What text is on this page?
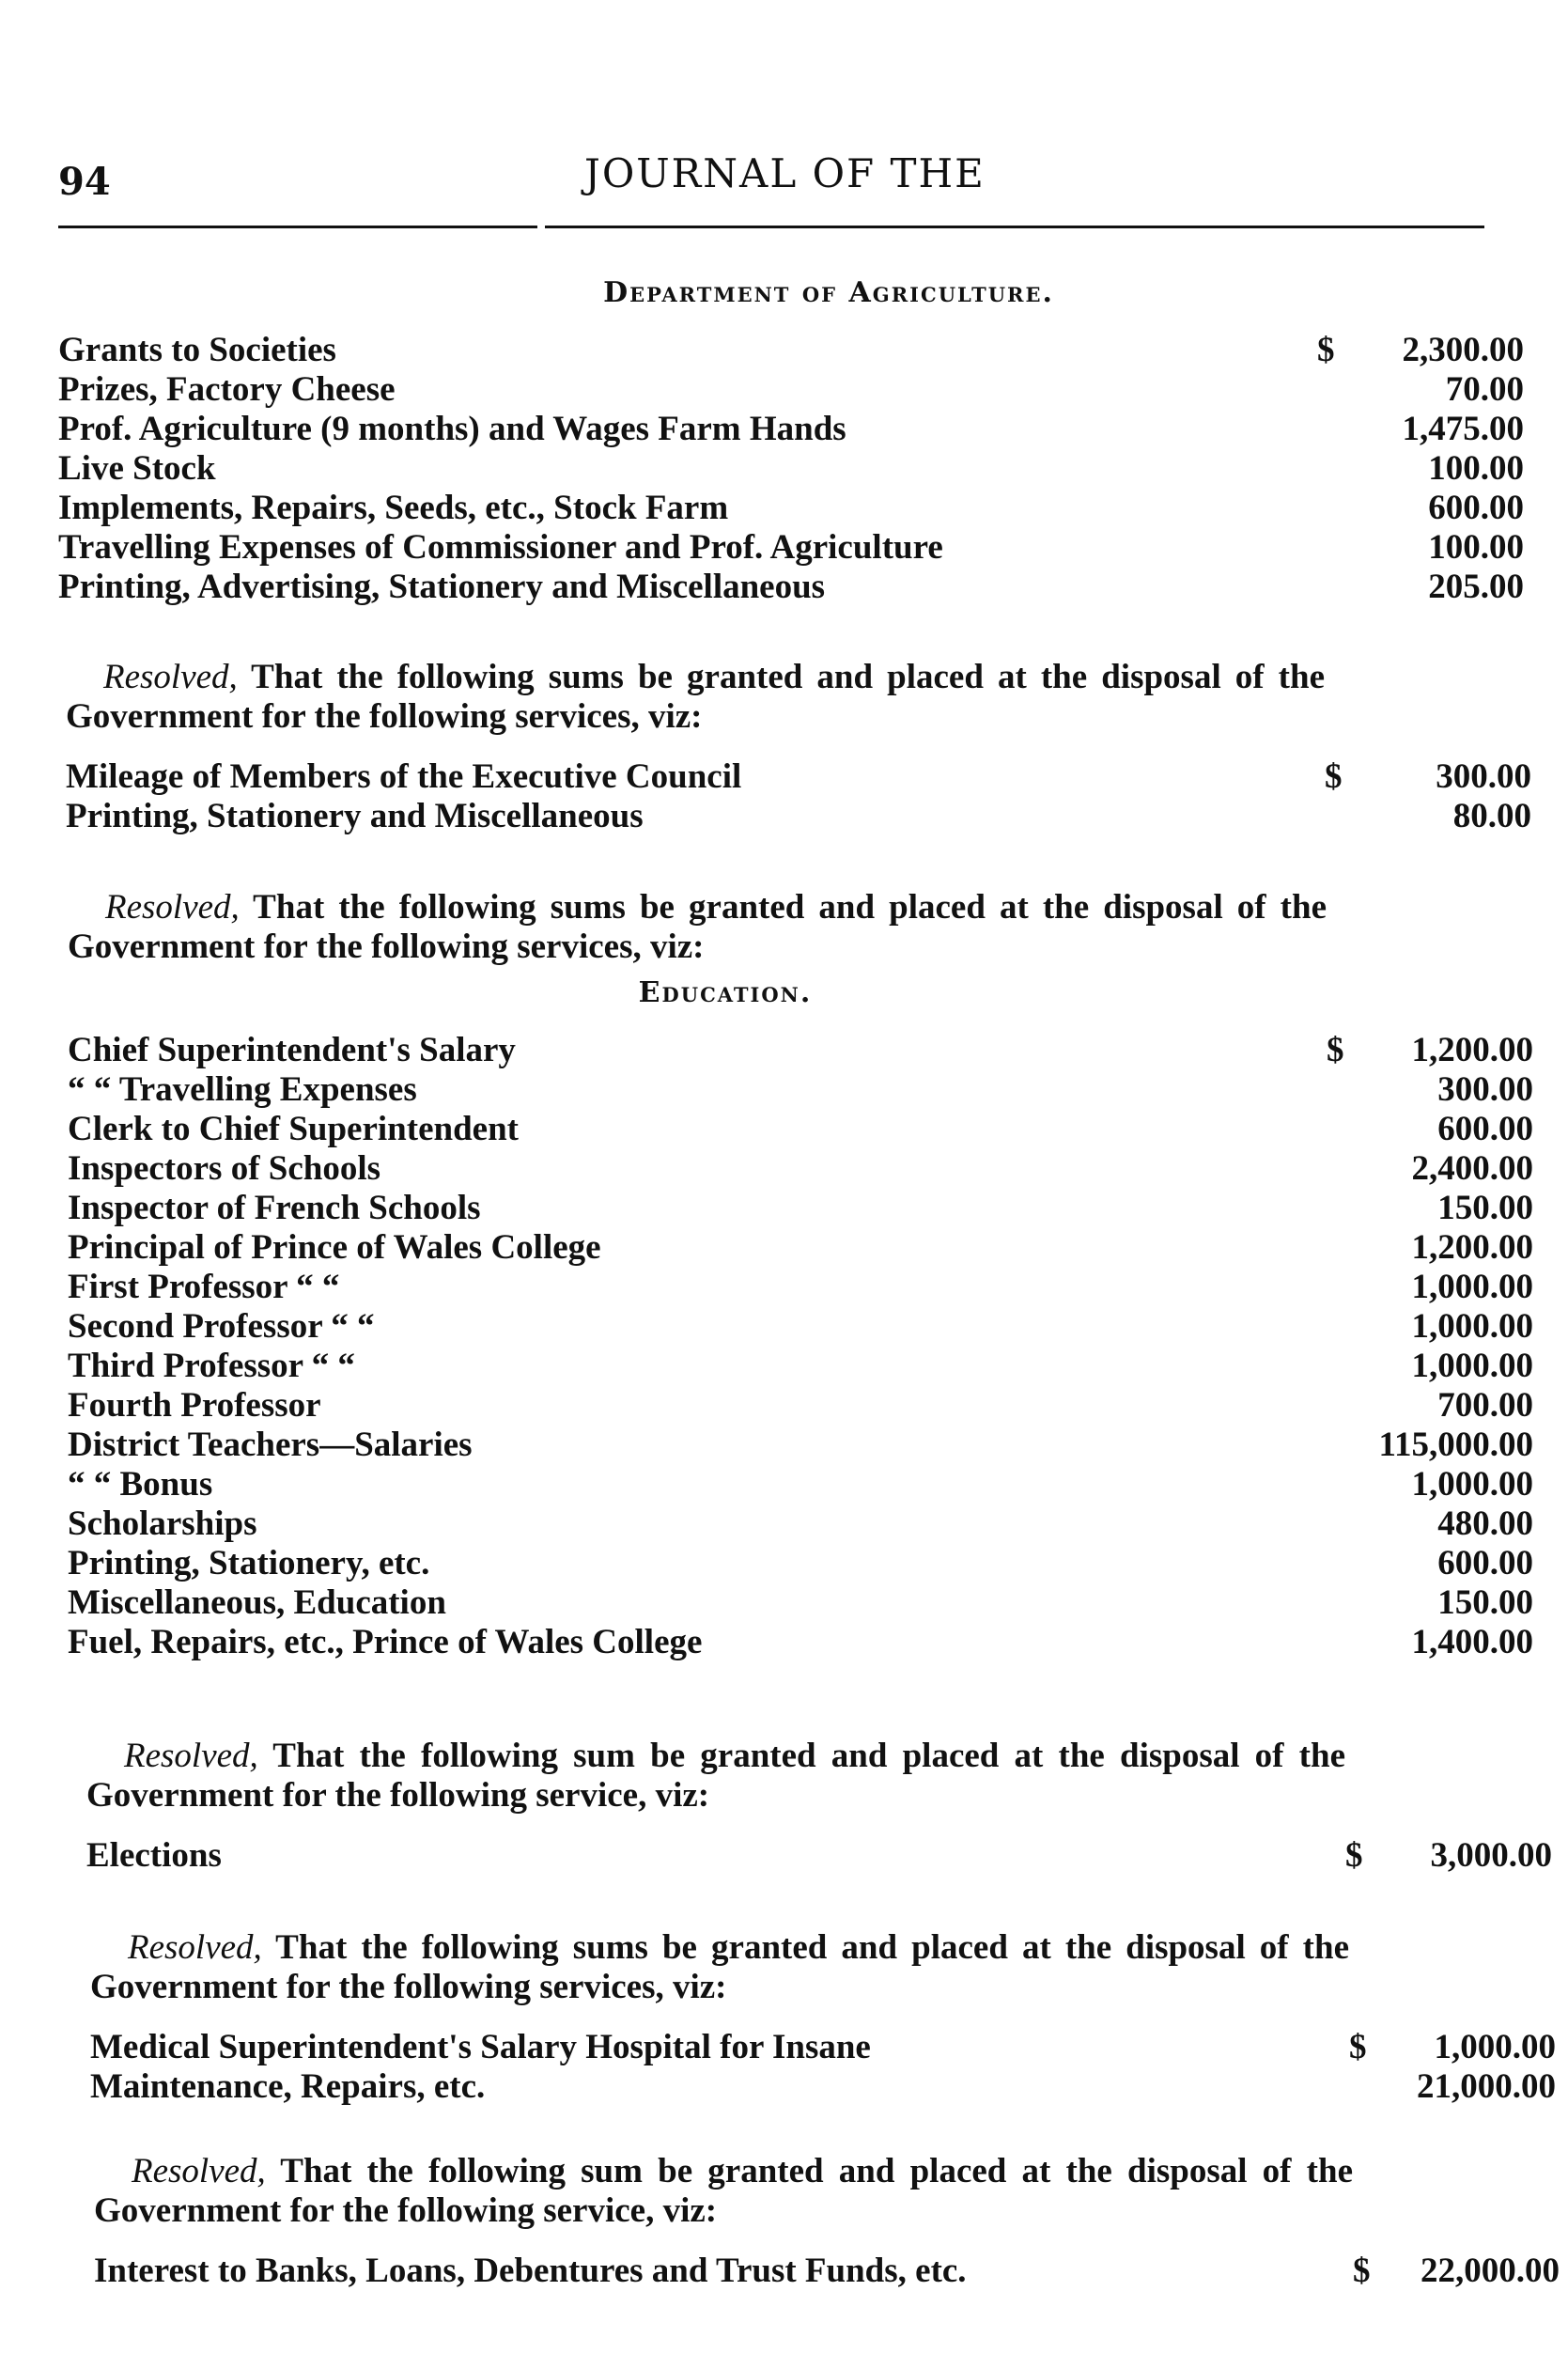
94	JOURNAL OF THE
Department of Agriculture.
Grants to Societies	$	2,300.00
Prizes, Factory Cheese	70.00
Prof. Agriculture (9 months) and Wages Farm Hands	1,475.00
Live Stock	100.00
Implements, Repairs, Seeds, etc., Stock Farm	600.00
Travelling Expenses of Commissioner and Prof. Agriculture	100.00
Printing, Advertising, Stationery and Miscellaneous	205.00
Resolved, That the following sums be granted and placed at the disposal of the Government for the following services, viz:
Mileage of Members of the Executive Council	$	300.00
Printing, Stationery and Miscellaneous	80.00
Resolved, That the following sums be granted and placed at the disposal of the Government for the following services, viz:
Education.
Chief Superintendent's Salary	$	1,200.00
“ “ Travelling Expenses	300.00
Clerk to Chief Superintendent	600.00
Inspectors of Schools	2,400.00
Inspector of French Schools	150.00
Principal of Prince of Wales College	1,200.00
First Professor “ “	1,000.00
Second Professor “ “	1,000.00
Third Professor “ “	1,000.00
Fourth Professor	700.00
District Teachers—Salaries	115,000.00
“ “ Bonus	1,000.00
Scholarships	480.00
Printing, Stationery, etc.	600.00
Miscellaneous, Education	150.00
Fuel, Repairs, etc., Prince of Wales College	1,400.00
Resolved, That the following sum be granted and placed at the disposal of the Government for the following service, viz:
Elections	$	3,000.00
Resolved, That the following sums be granted and placed at the disposal of the Government for the following services, viz:
Medical Superintendent's Salary Hospital for Insane	$	1,000.00
Maintenance, Repairs, etc.	21,000.00
Resolved, That the following sum be granted and placed at the disposal of the Government for the following service, viz:
Interest to Banks, Loans, Debentures and Trust Funds, etc.	$	22,000.00
